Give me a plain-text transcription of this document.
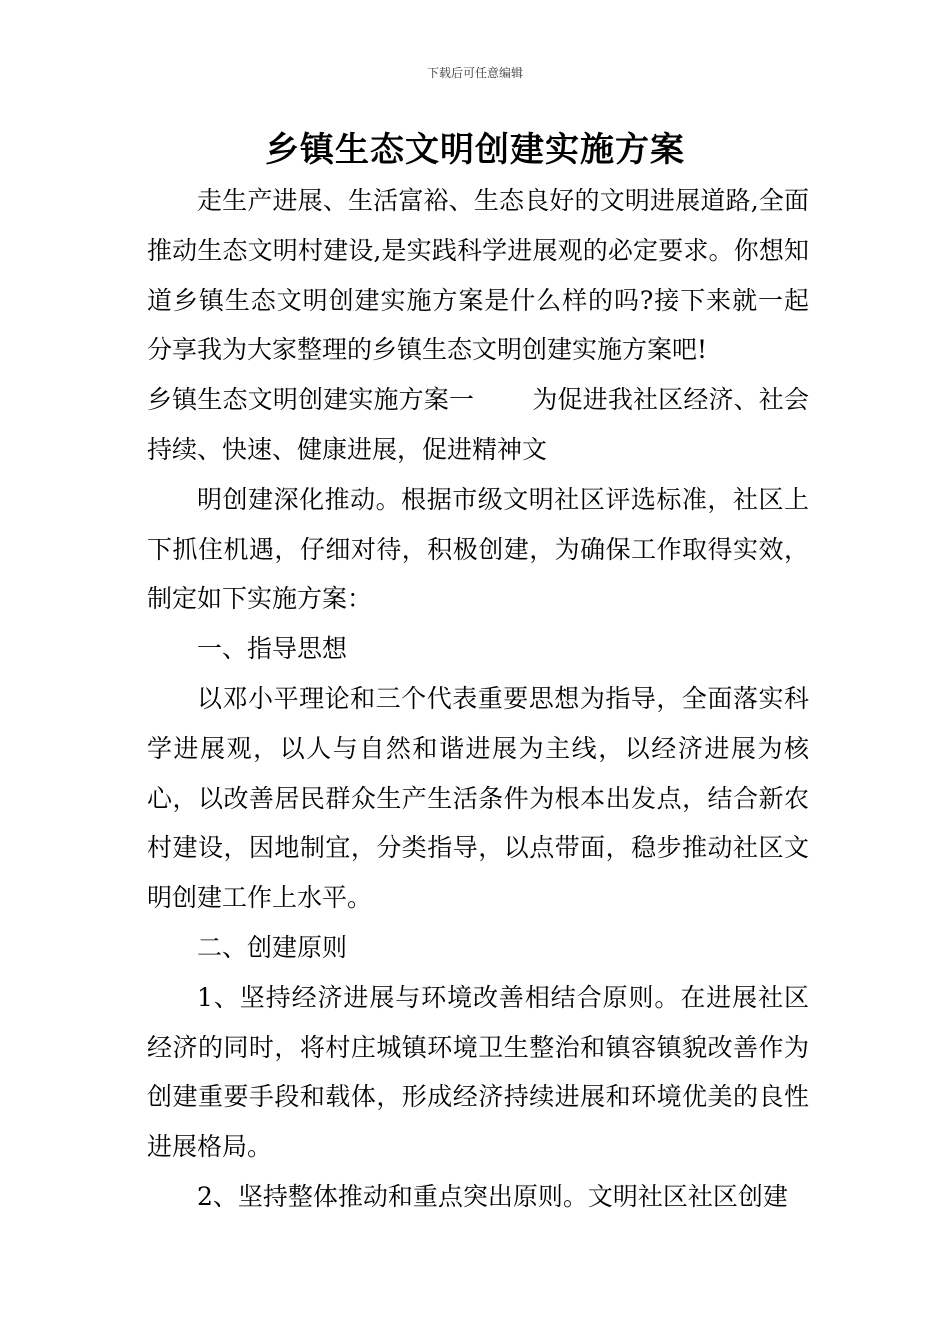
下载后可任意编辑
乡镇生态文明创建实施方案

走生产进展、生活富裕、生态良好的文明进展道路,全面推动生态文明村建设,是实践科学进展观的必定要求。你想知道乡镇生态文明创建实施方案是什么样的吗?接下来就一起分享我为大家整理的乡镇生态文明创建实施方案吧!

乡镇生态文明创建实施方案一 为促进我社区经济、社会持续、快速、健康进展，促进精神文

明创建深化推动。根据市级文明社区评选标准，社区上下抓住机遇，仔细对待，积极创建，为确保工作取得实效，制定如下实施方案：

一、指导思想

以邓小平理论和三个代表重要思想为指导，全面落实科学进展观，以人与自然和谐进展为主线，以经济进展为核心，以改善居民群众生产生活条件为根本出发点，结合新农村建设，因地制宜，分类指导，以点带面，稳步推动社区文明创建工作上水平。

二、创建原则

1、坚持经济进展与环境改善相结合原则。在进展社区经济的同时，将村庄城镇环境卫生整治和镇容镇貌改善作为创建重要手段和载体，形成经济持续进展和环境优美的良性进展格局。

2、坚持整体推动和重点突出原则。文明社区社区创建
